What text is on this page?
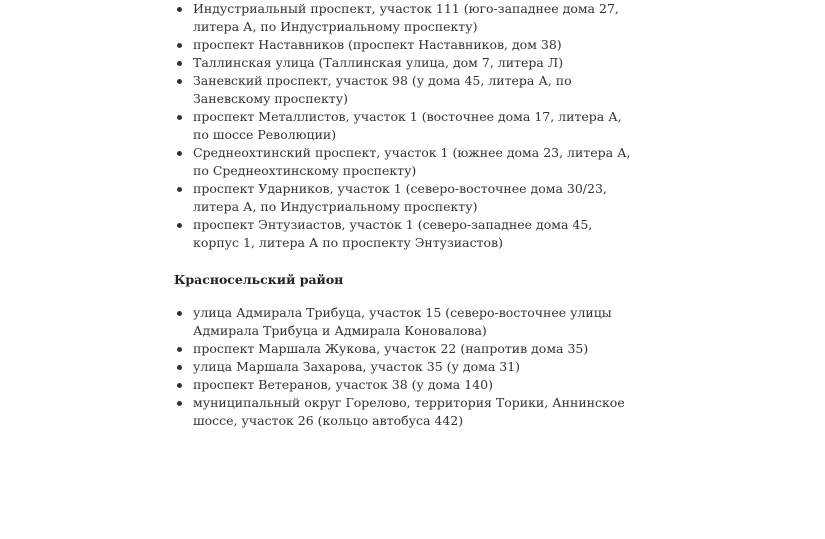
Индустриальный проспект, участок 111 (юго-западнее дома 27, литера А, по Индустриальному проспекту)
проспект Наставников (проспект Наставников, дом 38)
Таллинская улица (Таллинская улица, дом 7, литера Л)
Заневский проспект, участок 98 (у дома 45, литера А, по Заневскому проспекту)
проспект Металлистов, участок 1 (восточнее дома 17, литера А, по шоссе Революции)
Среднеохтинский проспект, участок 1 (южнее дома 23, литера А, по Среднеохтинскому проспекту)
проспект Ударников, участок 1 (северо-восточнее дома 30/23, литера А, по Индустриальному проспекту)
проспект Энтузиастов, участок 1 (северо-западнее дома 45, корпус 1, литера А по проспекту Энтузиастов)

Красносельский район

улица Адмирала Трибуца, участок 15 (северо-восточнее улицы Адмирала Трибуца и Адмирала Коновалова)
проспект Маршала Жукова, участок 22 (напротив дома 35)
улица Маршала Захарова, участок 35 (у дома 31)
проспект Ветеранов, участок 38 (у дома 140)
муниципальный округ Горелово, территория Торики, Аннинское шоссе, участок 26 (кольцо автобуса 442)
